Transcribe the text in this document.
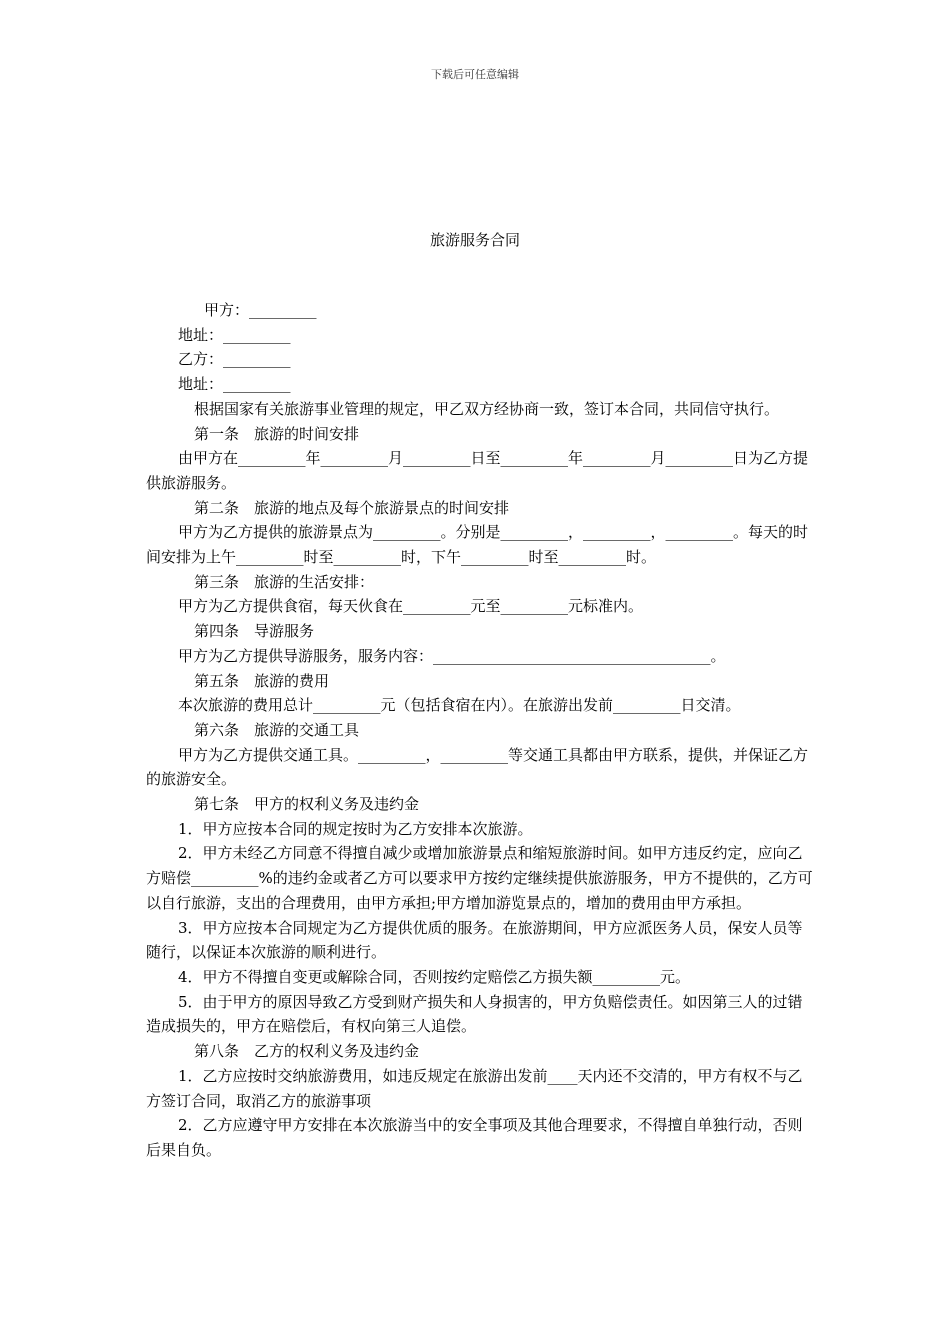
下载后可任意编辑
旅游服务合同

甲方：_________

地址：_________

乙方：_________

地址：_________

根据国家有关旅游事业管理的规定，甲乙双方经协商一致，签订本合同，共同信守执行。

第一条　旅游的时间安排

由甲方在_________年_________月_________日至_________年_________月_________日为乙方提供旅游服务。

第二条　旅游的地点及每个旅游景点的时间安排

甲方为乙方提供的旅游景点为_________。分别是_________，_________，_________。每天的时间安排为上午_________时至_________时，下午_________时至_________时。

第三条　旅游的生活安排：

甲方为乙方提供食宿，每天伙食在_________元至_________元标准内。

第四条　导游服务

甲方为乙方提供导游服务，服务内容：_____________________________________。

第五条　旅游的费用

本次旅游的费用总计_________元（包括食宿在内）。在旅游出发前_________日交清。

第六条　旅游的交通工具

甲方为乙方提供交通工具。_________，_________等交通工具都由甲方联系，提供，并保证乙方的旅游安全。

第七条　甲方的权利义务及违约金

1．甲方应按本合同的规定按时为乙方安排本次旅游。

2．甲方未经乙方同意不得擅自减少或增加旅游景点和缩短旅游时间。如甲方违反约定，应向乙方赔偿_________%的违约金或者乙方可以要求甲方按约定继续提供旅游服务，甲方不提供的，乙方可以自行旅游，支出的合理费用，由甲方承担;甲方增加游览景点的，增加的费用由甲方承担。

3．甲方应按本合同规定为乙方提供优质的服务。在旅游期间，甲方应派医务人员，保安人员等随行，以保证本次旅游的顺利进行。

4．甲方不得擅自变更或解除合同，否则按约定赔偿乙方损失额_________元。

5．由于甲方的原因导致乙方受到财产损失和人身损害的，甲方负赔偿责任。如因第三人的过错造成损失的，甲方在赔偿后，有权向第三人追偿。

第八条　乙方的权利义务及违约金

1．乙方应按时交纳旅游费用，如违反规定在旅游出发前____天内还不交清的，甲方有权不与乙方签订合同，取消乙方的旅游事项

2．乙方应遵守甲方安排在本次旅游当中的安全事项及其他合理要求，不得擅自单独行动，否则后果自负。
